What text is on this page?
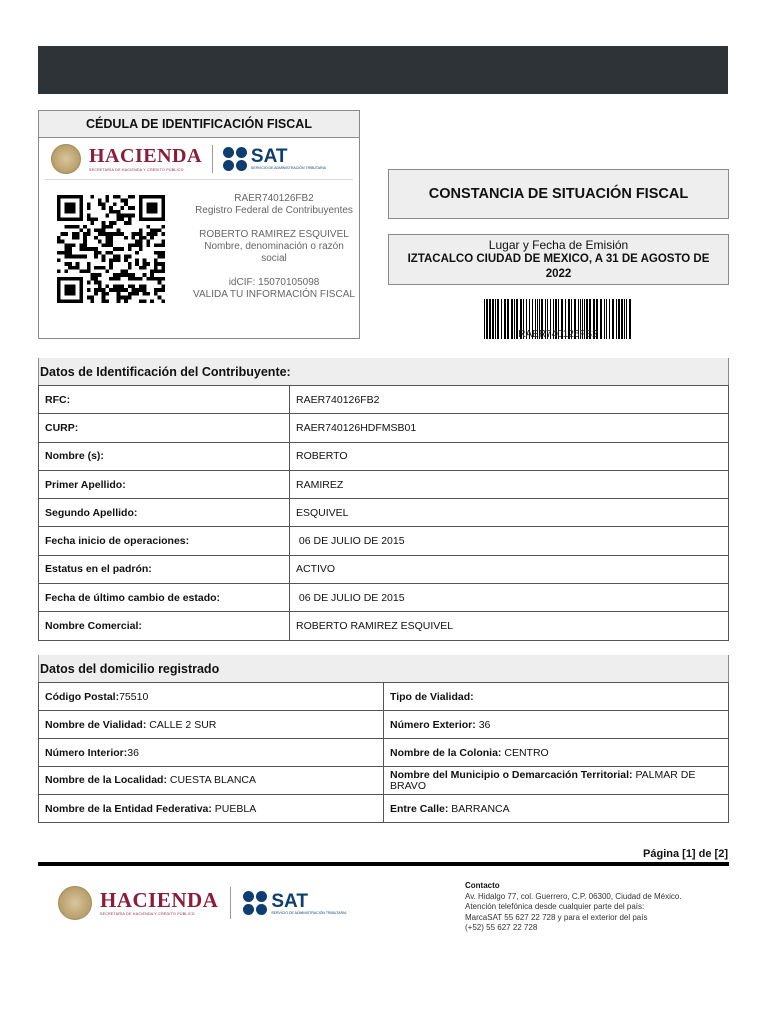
CÉDULA DE IDENTIFICACIÓN FISCAL
HACIENDA
SECRETARÍA DE HACIENDA Y CRÉDITO PÚBLICO
SAT
SERVICIO DE ADMINISTRACIÓN TRIBUTARIA
RAER740126FB2
Registro Federal de Contribuyentes
ROBERTO RAMIREZ ESQUIVEL
Nombre, denominación o razón social
idCIF: 15070105098
VALIDA TU INFORMACIÓN FISCAL
CONSTANCIA DE SITUACIÓN FISCAL
Lugar y Fecha de Emisión
IZTACALCO CIUDAD DE MEXICO, A 31 DE AGOSTO DE 2022
RAER740126FB2
Datos de Identificación del Contribuyente:
RFC:	RAER740126FB2
CURP:	RAER740126HDFMSB01
Nombre (s):	ROBERTO
Primer Apellido:	RAMIREZ
Segundo Apellido:	ESQUIVEL
Fecha inicio de operaciones:	06 DE JULIO DE 2015
Estatus en el padrón:	ACTIVO
Fecha de último cambio de estado:	06 DE JULIO DE 2015
Nombre Comercial:	ROBERTO RAMIREZ ESQUIVEL
Datos del domicilio registrado
Código Postal:75510	Tipo de Vialidad:
Nombre de Vialidad: CALLE 2 SUR	Número Exterior: 36
Número Interior:36	Nombre de la Colonia: CENTRO
Nombre de la Localidad: CUESTA BLANCA	Nombre del Municipio o Demarcación Territorial: PALMAR DE BRAVO
Nombre de la Entidad Federativa: PUEBLA	Entre Calle: BARRANCA
Página [1] de [2]
HACIENDA
SECRETARÍA DE HACIENDA Y CRÉDITO PÚBLICO
SAT
SERVICIO DE ADMINISTRACIÓN TRIBUTARIA
Contacto
Av. Hidalgo 77, col. Guerrero, C.P. 06300, Ciudad de México.
Atención telefónica desde cualquier parte del país:
MarcaSAT 55 627 22 728 y para el exterior del país
(+52) 55 627 22 728
